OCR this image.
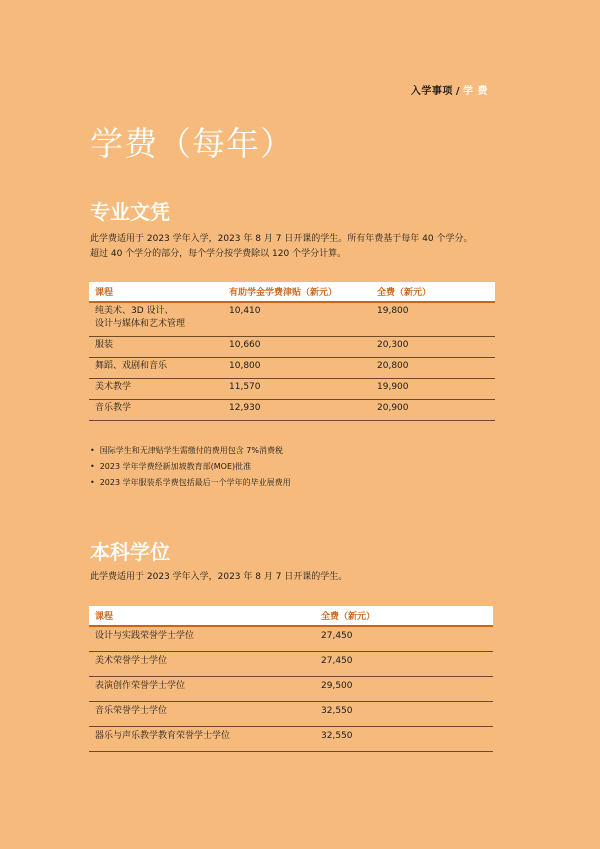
入学事项 / 学 费
学费（每年）
专业文凭

此学费适用于 2023 学年入学，2023 年 8 月 7 日开课的学生。所有年费基于每年 40 个学分。

超过 40 个学分的部分，每个学分按学费除以 120 个学分计算。

课程	有助学金学费津贴（新元）	全费（新元）

纯美术、3D 设计、
设计与媒体和艺术管理	10,410	19,800
服装	10,660	20,300
舞蹈、戏剧和音乐	10,800	20,800
美术教学	11,570	19,900
音乐教学	12,930	20,900
• 国际学生和无津贴学生需缴付的费用包含 7%消费税
• 2023 学年学费经新加坡教育部(MOE)批准
• 2023 学年服装系学费包括最后一个学年的毕业展费用
本科学位
此学费适用于 2023 学年入学，2023 年 8 月 7 日开课的学生。
课程	全费（新元）
设计与实践荣誉学士学位	27,450
美术荣誉学士学位	27,450
表演创作荣誉学士学位	29,500
音乐荣誉学士学位	32,550
器乐与声乐教学教育荣誉学士学位	32,550
